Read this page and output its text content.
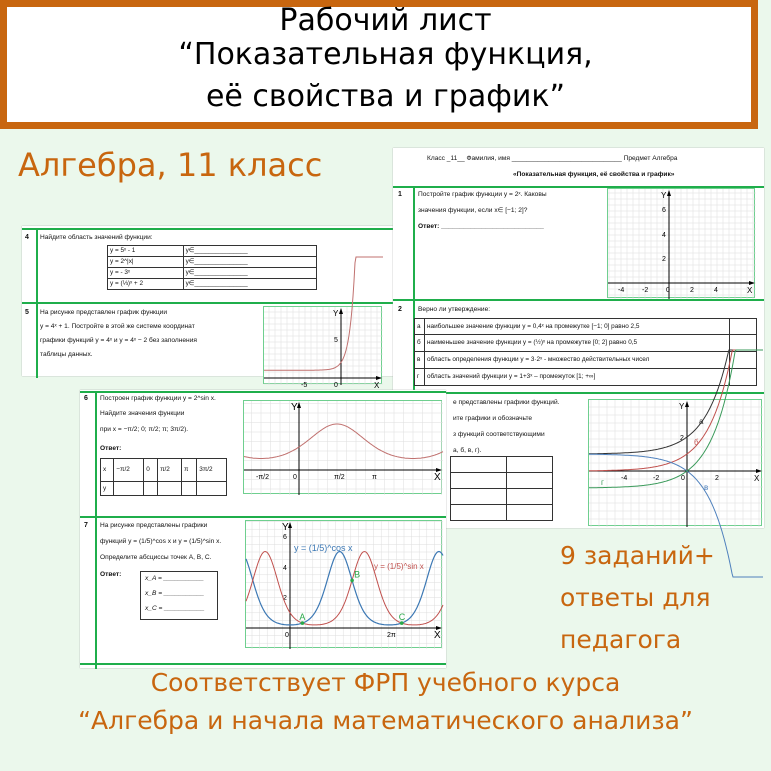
Рабочий лист
“Показательная функция,
её свойства и график”
Алгебра, 11 класс
4 Найдите область значений функции:
y = 5ˣ - 1	y∈_______________
y = 2^|x|	y∈_______________
y = - 3ˣ	y∈_______________
y = (⅓)ˣ + 2	y∈_______________
5 На рисунке представлен график функции
y = 4ˣ + 1. Постройте в этой же системе координат
графики функций y = 4ˣ и y = 4ˣ − 2 без заполнения
таблицы данных.
X
Y
-5	0
5
Класс _11__ Фамилия, имя ______________________________ Предмет Алгебра
«Показательная функция, её свойства и график»
1 Постройте график функции y = 2ˣ. Каковы
значения функции, если x∈ [−1; 2]?
Ответ: ____________________________
X
Y
-4	-2	0	2	4
6
4
2
2 Верно ли утверждение:
а	наибольшее значение функции y = 0,4ˣ на промежутке [−1; 0] равно 2,5	
б	наименьшее значение функции y = (½)ˣ на промежутке [0; 2] равно 0,5	
в	область определения функции y = 3·2ˣ - множество действительных чисел	
г	область значений функции y = 1+3ˣ – промежуток [1; +∞]	
е представлены графики функций.
ите графики и обозначьте
з функций соответствующими
а, б, в, г).

X
Y
-4	-2	0	2
2
а
б
в
г
6 Построен график функции y = 2^sin x.
Найдите значения функции
при x = −π/2; 0; π/2; π; 3π/2).
Ответ:
x	−π/2	0	π/2	π	3π/2
y					
X
Y
-π/2	0	π/2	π
7 На рисунке представлены графики
функций y = (1/5)^cos x и y = (1/5)^sin x.
Определите абсциссы точек A, B, C.
Ответ:
x_A = ___________
x_B = ___________
x_C = ___________
X
Y
0	2π
6
4
2
y = (1/5)^cos x
y = (1/5)^sin x
A
B
C
9 заданий+
ответы для
педагога
Соответствует ФРП учебного курса
“Алгебра и начала математического анализа”
